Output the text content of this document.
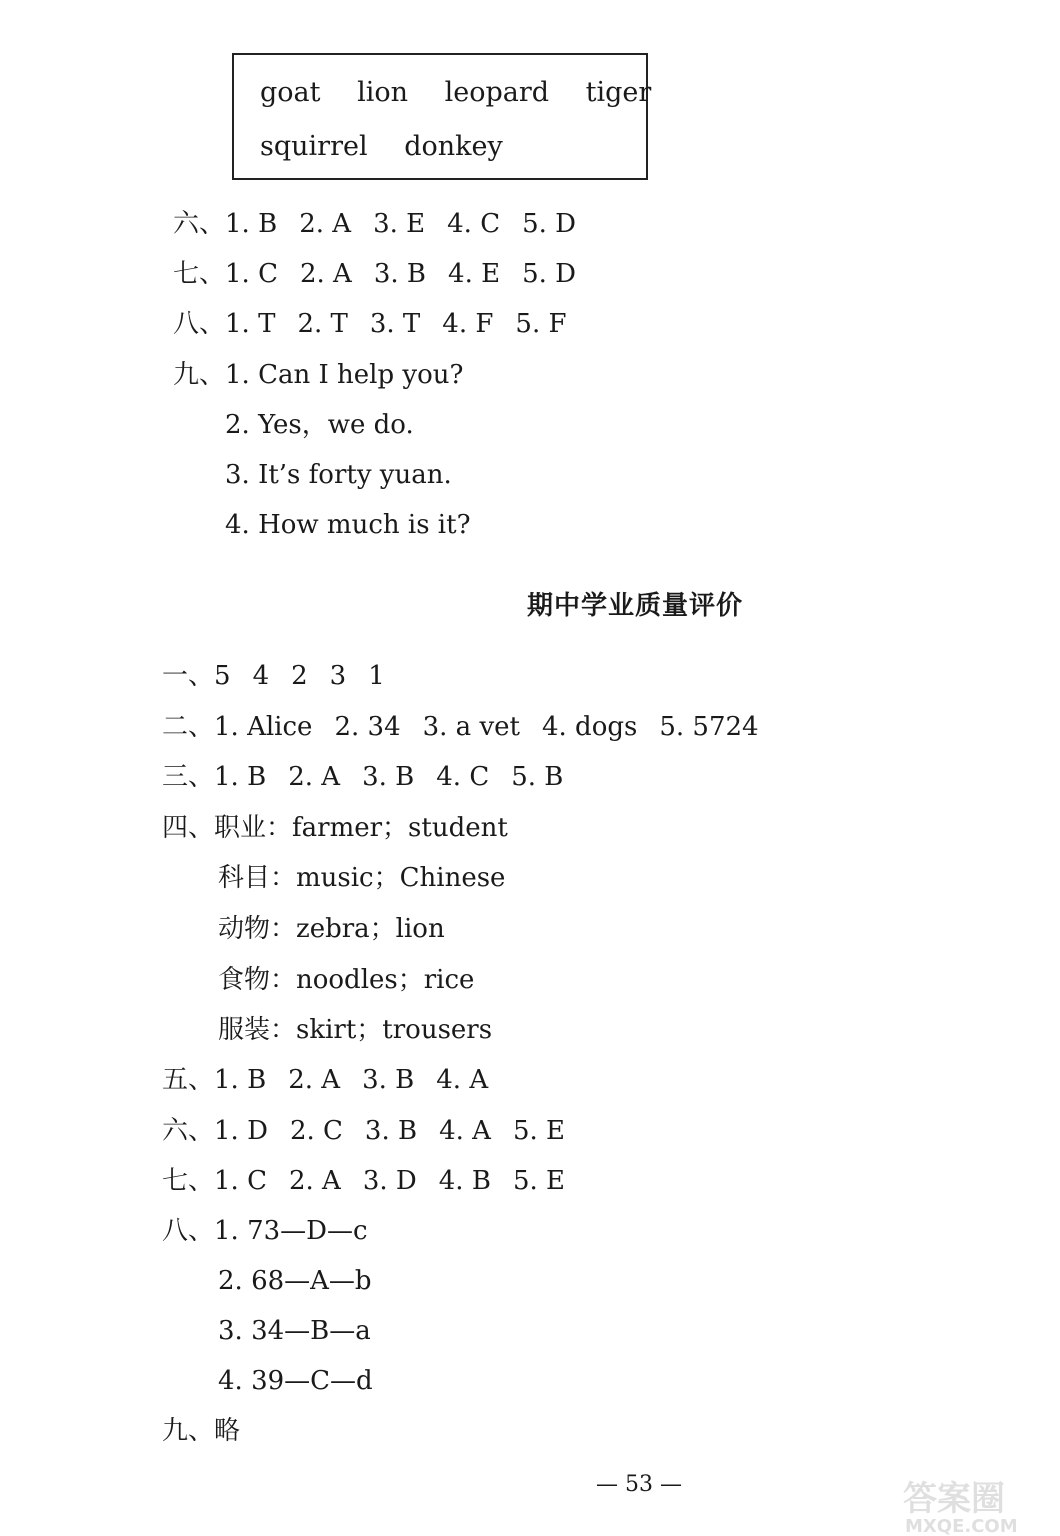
goat lion leopard tiger
squirrel donkey
六、1. B 2. A 3. E 4. C 5. D
七、1. C 2. A 3. B 4. E 5. D
八、1. T 2. T 3. T 4. F 5. F
九、1. Can I help you?
2. Yes，we do.
3. It’s forty yuan.
4. How much is it?
期中学业质量评价
一、5 4 2 3 1
二、1. Alice 2. 34 3. a vet 4. dogs 5. 5724
三、1. B 2. A 3. B 4. C 5. B
四、职业：farmer；student
科目：music；Chinese
动物：zebra；lion
食物：noodles；rice
服装：skirt；trousers
五、1. B 2. A 3. B 4. A
六、1. D 2. C 3. B 4. A 5. E
七、1. C 2. A 3. D 4. B 5. E
八、1. 73—D—c
2. 68—A—b
3. 34—B—a
4. 39—C—d
九、略
— 53 —	答案圈
MXQE.COM
